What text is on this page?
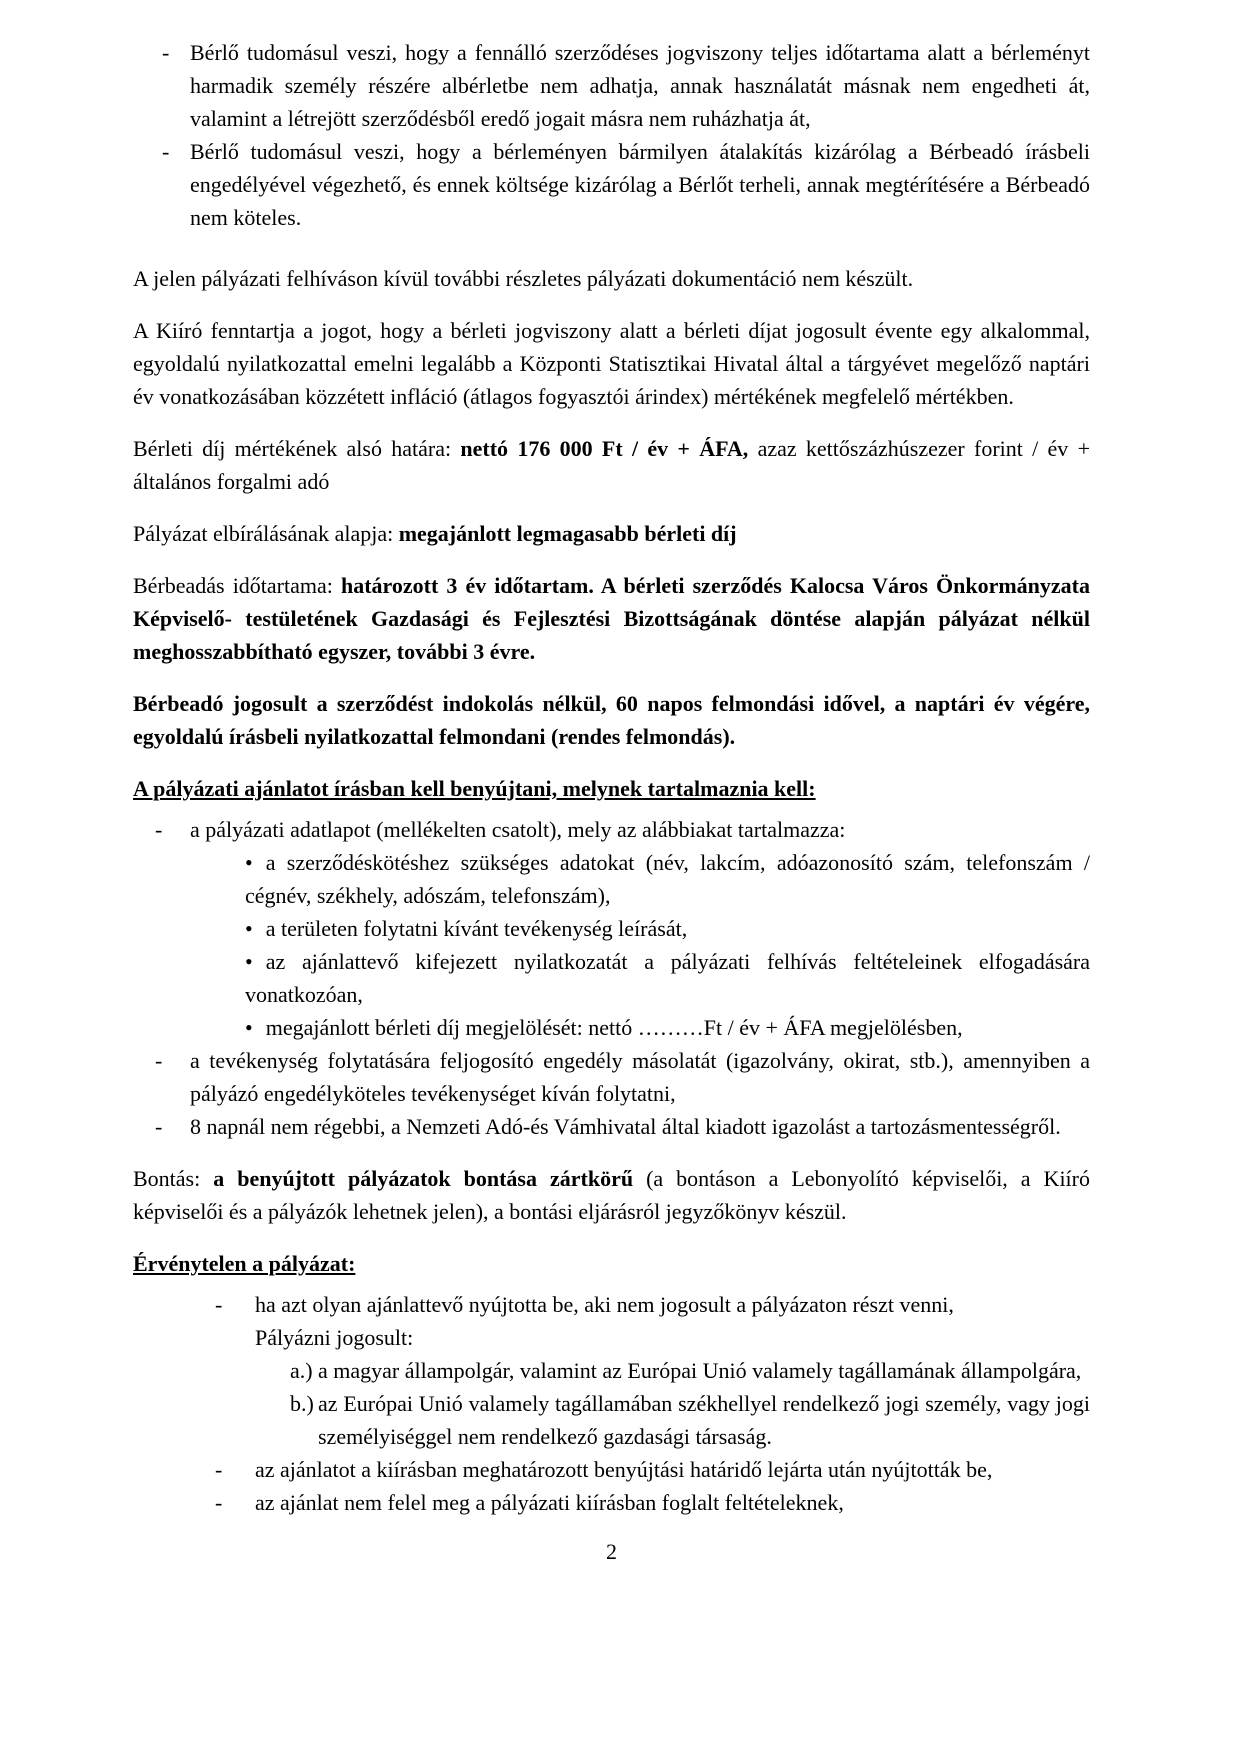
- Bérlő tudomásul veszi, hogy a fennálló szerződéses jogviszony teljes időtartama alatt a bérleményt harmadik személy részére albérletbe nem adhatja, annak használatát másnak nem engedheti át, valamint a létrejött szerződésből eredő jogait másra nem ruházhatja át,
- Bérlő tudomásul veszi, hogy a bérleményen bármilyen átalakítás kizárólag a Bérbeadó írásbeli engedélyével végezhető, és ennek költsége kizárólag a Bérlőt terheli, annak megtérítésére a Bérbeadó nem köteles.

A jelen pályázati felhíváson kívül további részletes pályázati dokumentáció nem készült.

A Kiíró fenntartja a jogot, hogy a bérleti jogviszony alatt a bérleti díjat jogosult évente egy alkalommal, egyoldalú nyilatkozattal emelni legalább a Központi Statisztikai Hivatal által a tárgyévet megelőző naptári év vonatkozásában közzétett infláció (átlagos fogyasztói árindex) mértékének megfelelő mértékben.

Bérleti díj mértékének alsó határa: nettó 176 000 Ft / év + ÁFA, azaz kettőszázhúszezer forint / év + általános forgalmi adó

Pályázat elbírálásának alapja: megajánlott legmagasabb bérleti díj

Bérbeadás időtartama: határozott 3 év időtartam. A bérleti szerződés Kalocsa Város Önkormányzata Képviselő- testületének Gazdasági és Fejlesztési Bizottságának döntése alapján pályázat nélkül meghosszabbítható egyszer, további 3 évre.

Bérbeadó jogosult a szerződést indokolás nélkül, 60 napos felmondási idővel, a naptári év végére, egyoldalú írásbeli nyilatkozattal felmondani (rendes felmondás).

A pályázati ajánlatot írásban kell benyújtani, melynek tartalmaznia kell:
- a pályázati adatlapot (mellékelten csatolt), mely az alábbiakat tartalmazza:
• a szerződéskötéshez szükséges adatokat (név, lakcím, adóazonosító szám, telefonszám / cégnév, székhely, adószám, telefonszám),
• a területen folytatni kívánt tevékenység leírását,
• az ajánlattevő kifejezett nyilatkozatát a pályázati felhívás feltételeinek elfogadására vonatkozóan,
• megajánlott bérleti díj megjelölését: nettó ………Ft / év + ÁFA megjelölésben,
- a tevékenység folytatására feljogosító engedély másolatát (igazolvány, okirat, stb.), amennyiben a pályázó engedélyköteles tevékenységet kíván folytatni,
- 8 napnál nem régebbi, a Nemzeti Adó-és Vámhivatal által kiadott igazolást a tartozásmentességről.

Bontás: a benyújtott pályázatok bontása zártkörű (a bontáson a Lebonyolító képviselői, a Kiíró képviselői és a pályázók lehetnek jelen), a bontási eljárásról jegyzőkönyv készül.

Érvénytelen a pályázat:
- ha azt olyan ajánlattevő nyújtotta be, aki nem jogosult a pályázaton részt venni,
Pályázni jogosult:
a.) a magyar állampolgár, valamint az Európai Unió valamely tagállamának állampolgára,
b.) az Európai Unió valamely tagállamában székhellyel rendelkező jogi személy, vagy jogi személyiséggel nem rendelkező gazdasági társaság.
- az ajánlatot a kiírásban meghatározott benyújtási határidő lejárta után nyújtották be,
- az ajánlat nem felel meg a pályázati kiírásban foglalt feltételeknek,
2
